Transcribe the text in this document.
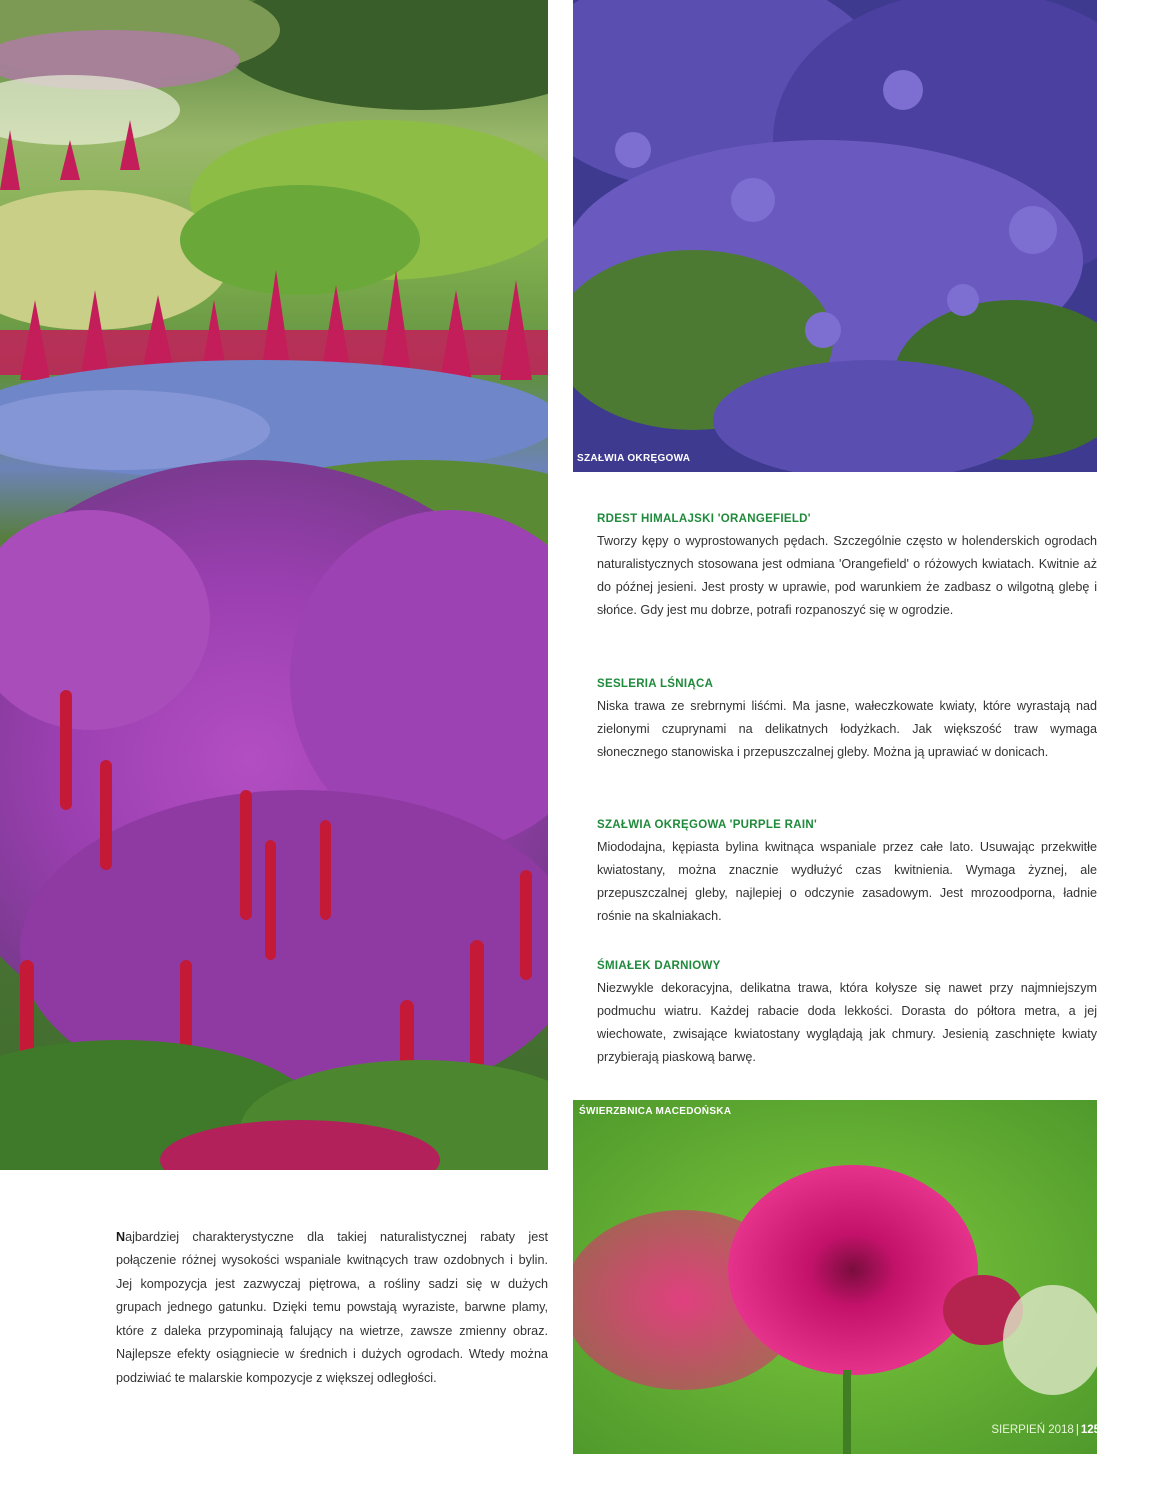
SZAŁWIA OKRĘGOWA
RDEST HIMALAJSKI 'ORANGEFIELD'

Tworzy kępy o wyprostowanych pędach. Szczególnie często w holenderskich ogrodach naturalistycznych stosowana jest odmiana 'Orangefield' o różowych kwiatach. Kwitnie aż do późnej jesieni. Jest prosty w uprawie, pod warunkiem że zadbasz o wilgotną glebę i słońce. Gdy jest mu dobrze, potrafi rozpanoszyć się w ogrodzie.

SESLERIA LŚNIĄCA

Niska trawa ze srebrnymi liśćmi. Ma jasne, wałeczkowate kwiaty, które wyrastają nad zielonymi czuprynami na delikatnych łodyżkach. Jak większość traw wymaga słonecznego stanowiska i przepuszczalnej gleby. Można ją uprawiać w donicach.

SZAŁWIA OKRĘGOWA 'PURPLE RAIN'

Miododajna, kępiasta bylina kwitnąca wspaniale przez całe lato. Usuwając przekwitłe kwiatostany, można znacznie wydłużyć czas kwitnienia. Wymaga żyznej, ale przepuszczalnej gleby, najlepiej o odczynie zasadowym. Jest mrozoodporna, ładnie rośnie na skalniakach.

ŚMIAŁEK DARNIOWY

Niezwykle dekoracyjna, delikatna trawa, która kołysze się nawet przy najmniejszym podmuchu wiatru. Każdej rabacie doda lekkości. Dorasta do półtora metra, a jej wiechowate, zwisające kwiatostany wyglądają jak chmury. Jesienią zaschnięte kwiaty przybierają piaskową barwę.

ŚWIERZBNICA MACEDOŃSKA

Najbardziej charakterystyczne dla takiej naturalistycznej rabaty jest połączenie różnej wysokości wspaniale kwitnących traw ozdobnych i bylin. Jej kompozycja jest zazwyczaj piętrowa, a rośliny sadzi się w dużych grupach jednego gatunku. Dzięki temu powstają wyraziste, barwne plamy, które z daleka przypominają falujący na wietrze, zawsze zmienny obraz. Najlepsze efekty osiągniecie w średnich i dużych ogrodach. Wtedy można podziwiać te malarskie kompozycje z większej odległości.

SIERPIEŃ 2018 | 125
